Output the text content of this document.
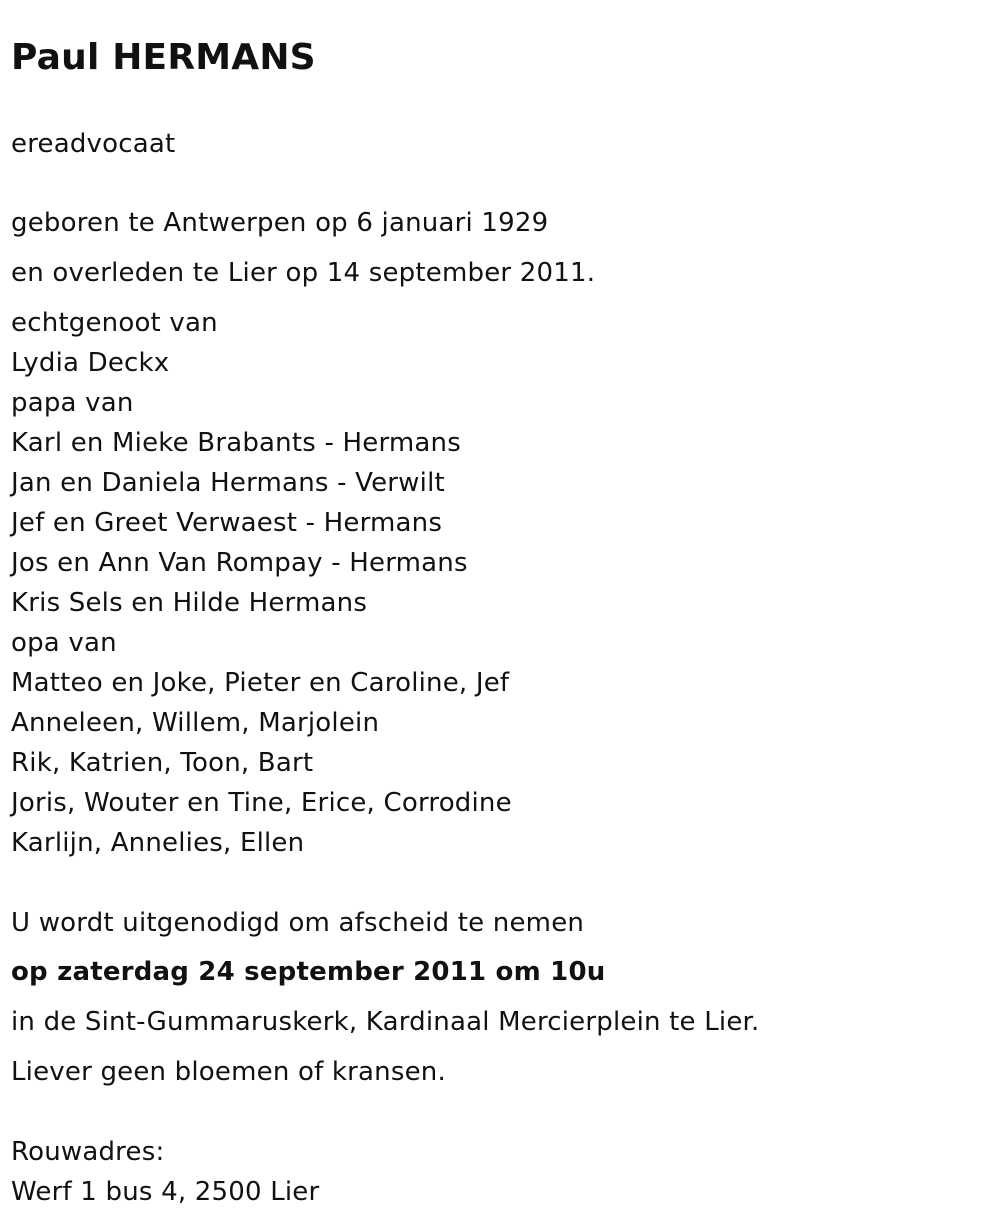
Paul HERMANS
ereadvocaat
geboren te Antwerpen op 6 januari 1929
en overleden te Lier op 14 september 2011.
echtgenoot van
Lydia Deckx
papa van
Karl en Mieke Brabants - Hermans
Jan en Daniela Hermans - Verwilt
Jef en Greet Verwaest - Hermans
Jos en Ann Van Rompay - Hermans
Kris Sels en Hilde Hermans
opa van
Matteo en Joke, Pieter en Caroline, Jef
Anneleen, Willem, Marjolein
Rik, Katrien, Toon, Bart
Joris, Wouter en Tine, Erice, Corrodine
Karlijn, Annelies, Ellen
U wordt uitgenodigd om afscheid te nemen
op zaterdag 24 september 2011 om 10u
in de Sint-Gummaruskerk, Kardinaal Mercierplein te Lier.
Liever geen bloemen of kransen.
Rouwadres:
Werf 1 bus 4, 2500 Lier
